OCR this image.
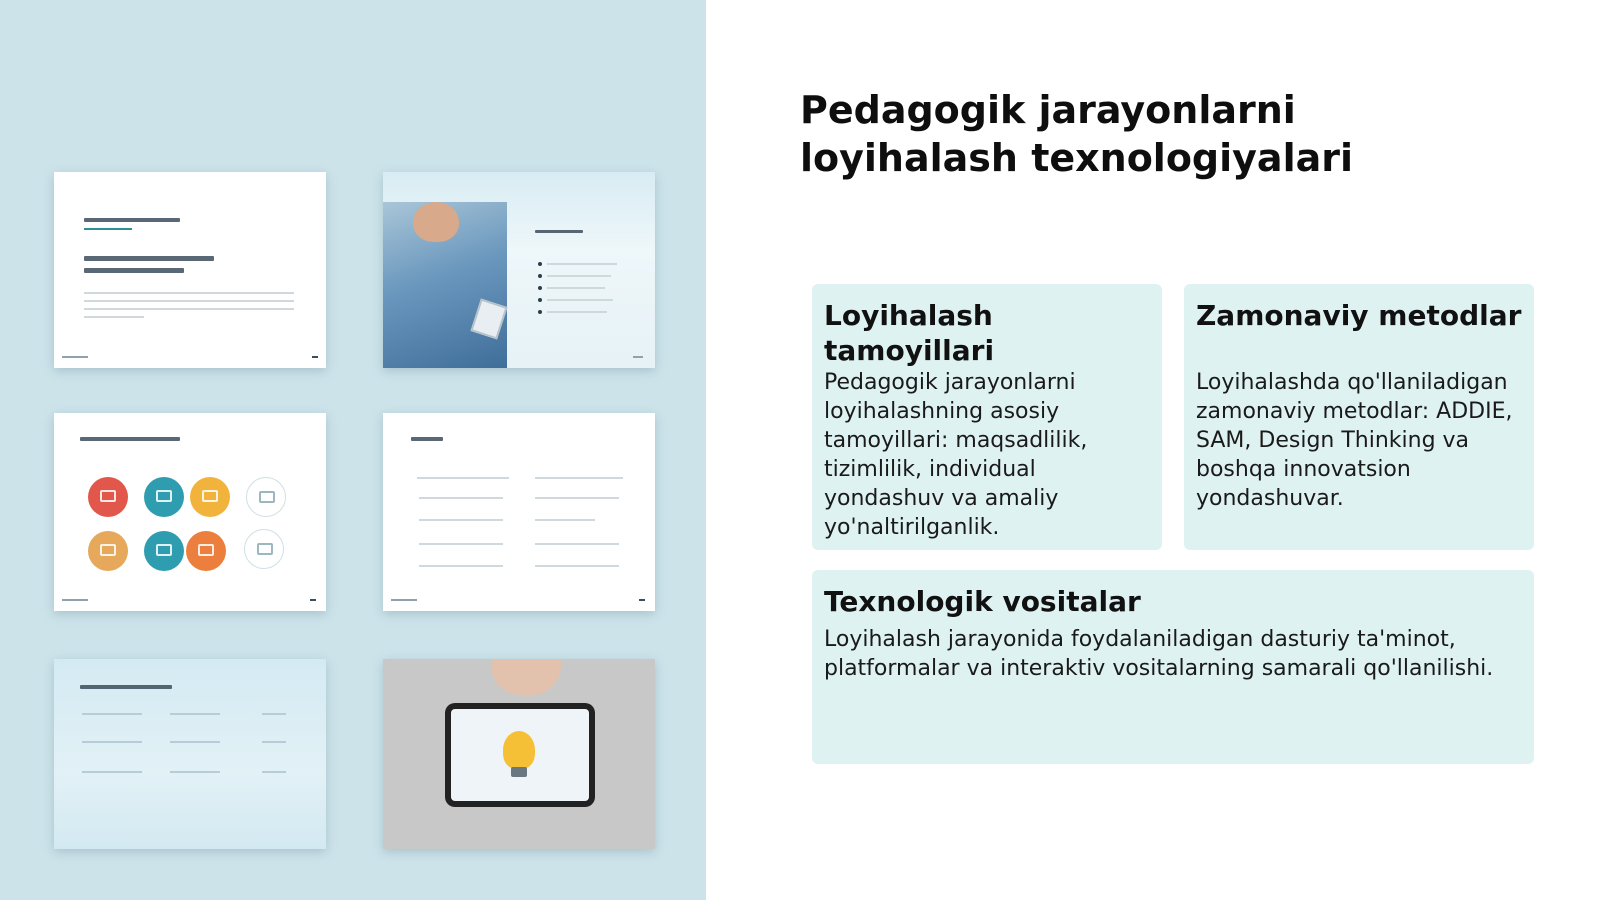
Pedagogik jarayonlarni loyihalash texnologiyalari
Loyihalash tamoyillari

Pedagogik jarayonlarni loyihalashning asosiy tamoyillari: maqsadlilik, tizimlilik, individual yondashuv va amaliy yo'naltirilganlik.

Zamonaviy metodlar

Loyihalashda qo'llaniladigan zamonaviy metodlar: ADDIE, SAM, Design Thinking va boshqa innovatsion yondashuvar.

Texnologik vositalar

Loyihalash jarayonida foydalaniladigan dasturiy ta'minot, platformalar va interaktiv vositalarning samarali qo'llanilishi.
